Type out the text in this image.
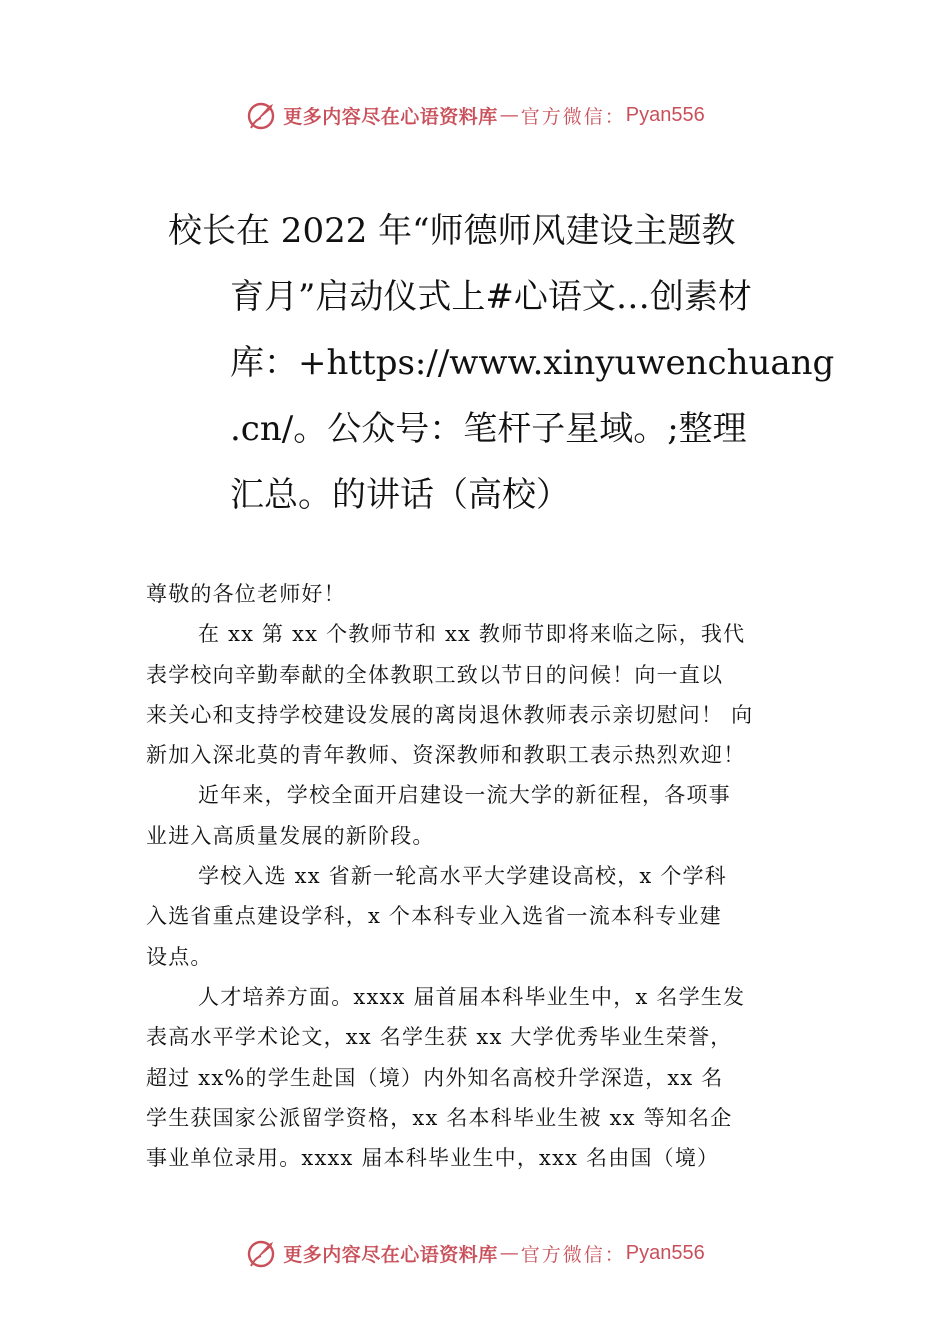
更多内容尽在心语资料库 — 官方微信： Pyan556
校长在 2022 年“师德师风建设主题教
育月”启动仪式上#心语文…创素材
库：+https://www.xinyuwenchuang
.cn/。公众号：笔杆子星域。;整理
汇总。的讲话（高校）
尊敬的各位老师好！
在 xx 第 xx 个教师节和 xx 教师节即将来临之际，我代
表学校向辛勤奉献的全体教职工致以节日的问候！向一直以
来关心和支持学校建设发展的离岗退休教师表示亲切慰问！ 向
新加入深北莫的青年教师、资深教师和教职工表示热烈欢迎！
近年来，学校全面开启建设一流大学的新征程，各项事
业进入高质量发展的新阶段。
学校入选 xx 省新一轮高水平大学建设高校，x 个学科
入选省重点建设学科，x 个本科专业入选省一流本科专业建
设点。
人才培养方面。xxxx 届首届本科毕业生中，x 名学生发
表高水平学术论文，xx 名学生获 xx 大学优秀毕业生荣誉，
超过 xx%的学生赴国（境）内外知名高校升学深造，xx 名
学生获国家公派留学资格，xx 名本科毕业生被 xx 等知名企
事业单位录用。xxxx 届本科毕业生中，xxx 名由国（境）
更多内容尽在心语资料库 — 官方微信： Pyan556
